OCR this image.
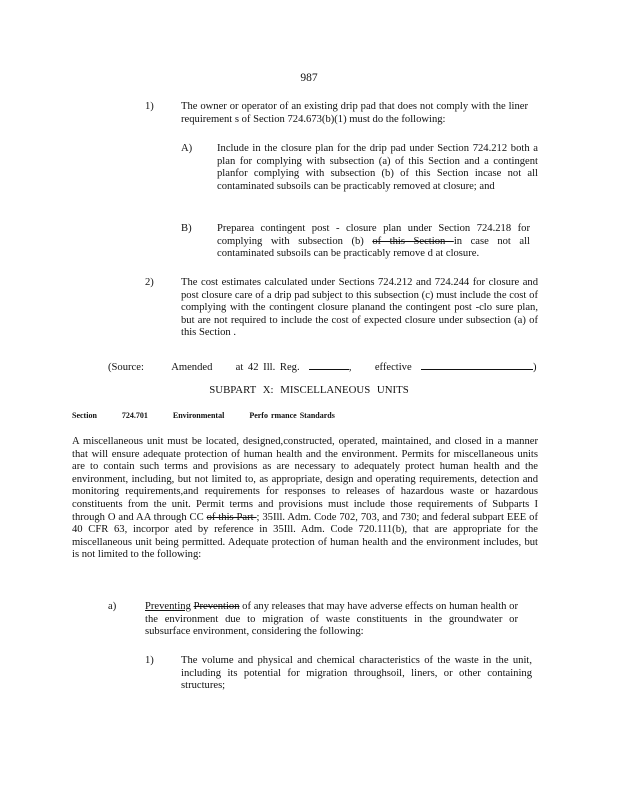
987
1)	The owner or operator of an existing drip pad that does not comply with the liner requirement s of Section 724.673(b)(1) must do the following:
A) Include in the closure plan for the drip pad under Section 724.212 both a plan for complying with subsection (a) of this Section and a contingent planfor complying with subsection (b) of this Section incase not all contaminated subsoils can be practicably removed at closure; and
B) Preparea contingent post - closure plan under Section 724.218 for complying with subsection (b) of this Section in case not all contaminated subsoils can be practicably remove d at closure.
2)	The cost estimates calculated under Sections 724.212 and 724.244 for closure and post closure care of a drip pad subject to this subsection (c) must include the cost of complying with the contingent closure planand the contingent post -clo sure plan, but are not required to include the cost of expected closure under subsection (a) of this Section .
(Source:	Amended at 42 Ill. Reg.	, effective	)
SUBPART X: MISCELLANEOUS UNITS
Section	724.701	Environmental	Perfo rmance Standards
A miscellaneous unit must be located, designed,constructed, operated, maintained, and closed in a manner that will ensure adequate protection of human health and the environment. Permits for miscellaneous units are to contain such terms and provisions as are necessary to adequately protect human health and the environment, including, but not limited to, as appropriate, design and operating requirements, detection and monitoring requirements,and requirements for responses to releases of hazardous waste or hazardous constituents from the unit. Permit terms and provisions must include those requirements of Subparts I through O and AA through CC of this Part ; 35Ill. Adm. Code 702, 703, and 730; and federal subpart EEE of 40 CFR 63, incorpor ated by reference in 35Ill. Adm. Code 720.111(b), that are appropriate for the miscellaneous unit being permitted. Adequate protection of human health and the environment includes, but is not limited to the following:
a)	Preventing Prevention of any releases that may have adverse effects on human health or the environment due to migration of waste constituents in the groundwater or subsurface environment, considering the following:
1)	The volume and physical and chemical characteristics of the waste in the unit, including its potential for migration throughsoil, liners, or other containing structures;
